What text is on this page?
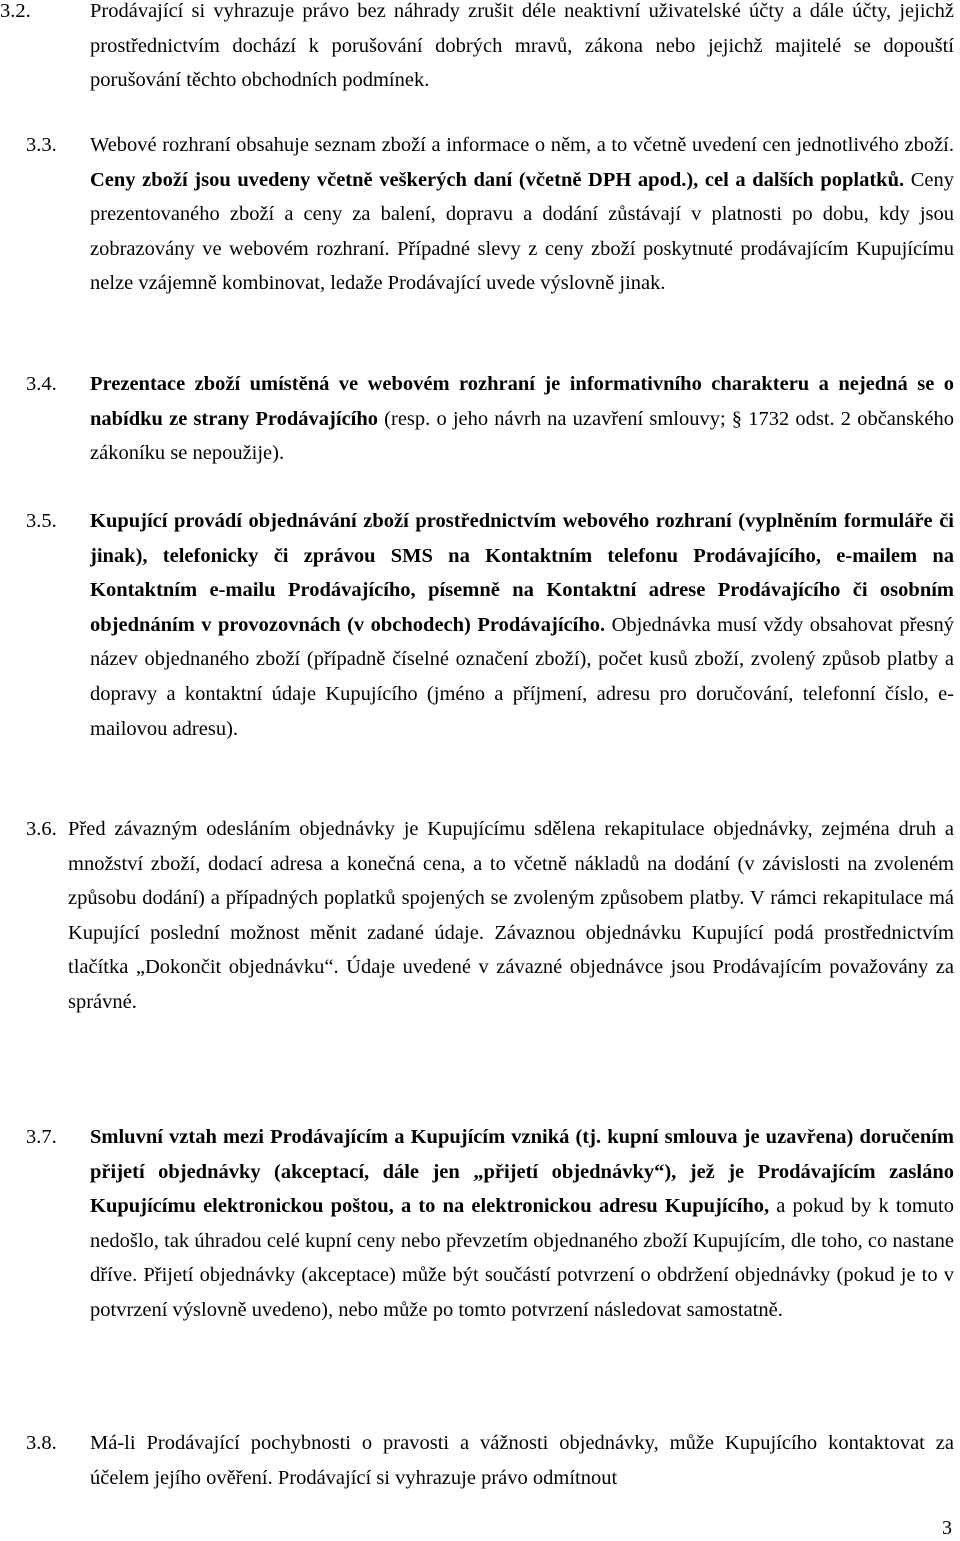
3.2.	Prodávající si vyhrazuje právo bez náhrady zrušit déle neaktivní uživatelské účty a dále účty, jejichž prostřednictvím dochází k porušování dobrých mravů, zákona nebo jejichž majitelé se dopouští porušování těchto obchodních podmínek.
3.3. Webové rozhraní obsahuje seznam zboží a informace o něm, a to včetně uvedení cen jednotlivého zboží. Ceny zboží jsou uvedeny včetně veškerých daní (včetně DPH apod.), cel a dalších poplatků. Ceny prezentovaného zboží a ceny za balení, dopravu a dodání zůstávají v platnosti po dobu, kdy jsou zobrazovány ve webovém rozhraní. Případné slevy z ceny zboží poskytnuté prodávajícím Kupujícímu nelze vzájemně kombinovat, ledaže Prodávající uvede výslovně jinak.
3.4. Prezentace zboží umístěná ve webovém rozhraní je informativního charakteru a nejedná se o nabídku ze strany Prodávajícího (resp. o jeho návrh na uzavření smlouvy; § 1732 odst. 2 občanského zákoníku se nepoužije).
3.5. Kupující provádí objednávání zboží prostřednictvím webového rozhraní (vyplněním formuláře či jinak), telefonicky či zprávou SMS na Kontaktním telefonu Prodávajícího, e-mailem na Kontaktním e-mailu Prodávajícího, písemně na Kontaktní adrese Prodávajícího či osobním objednáním v provozovnách (v obchodech) Prodávajícího. Objednávka musí vždy obsahovat přesný název objednaného zboží (případně číselné označení zboží), počet kusů zboží, zvolený způsob platby a dopravy a kontaktní údaje Kupujícího (jméno a příjmení, adresu pro doručování, telefonní číslo, e-mailovou adresu).
3.6. Před závazným odesláním objednávky je Kupujícímu sdělena rekapitulace objednávky, zejména druh a množství zboží, dodací adresa a konečná cena, a to včetně nákladů na dodání (v závislosti na zvoleném způsobu dodání) a případných poplatků spojených se zvoleným způsobem platby. V rámci rekapitulace má Kupující poslední možnost měnit zadané údaje. Závaznou objednávku Kupující podá prostřednictvím tlačítka „Dokončit objednávku“. Údaje uvedené v závazné objednávce jsou Prodávajícím považovány za správné.
3.7. Smluvní vztah mezi Prodávajícím a Kupujícím vzniká (tj. kupní smlouva je uzavřena) doručením přijetí objednávky (akceptací, dále jen „přijetí objednávky“), jež je Prodávajícím zasláno Kupujícímu elektronickou poštou, a to na elektronickou adresu Kupujícího, a pokud by k tomuto nedošlo, tak úhradou celé kupní ceny nebo převzetím objednaného zboží Kupujícím, dle toho, co nastane dříve. Přijetí objednávky (akceptace) může být součástí potvrzení o obdržení objednávky (pokud je to v potvrzení výslovně uvedeno), nebo může po tomto potvrzení následovat samostatně.
3.8. Má-li Prodávající pochybnosti o pravosti a vážnosti objednávky, může Kupujícího kontaktovat za účelem jejího ověření. Prodávající si vyhrazuje právo odmítnout
3
